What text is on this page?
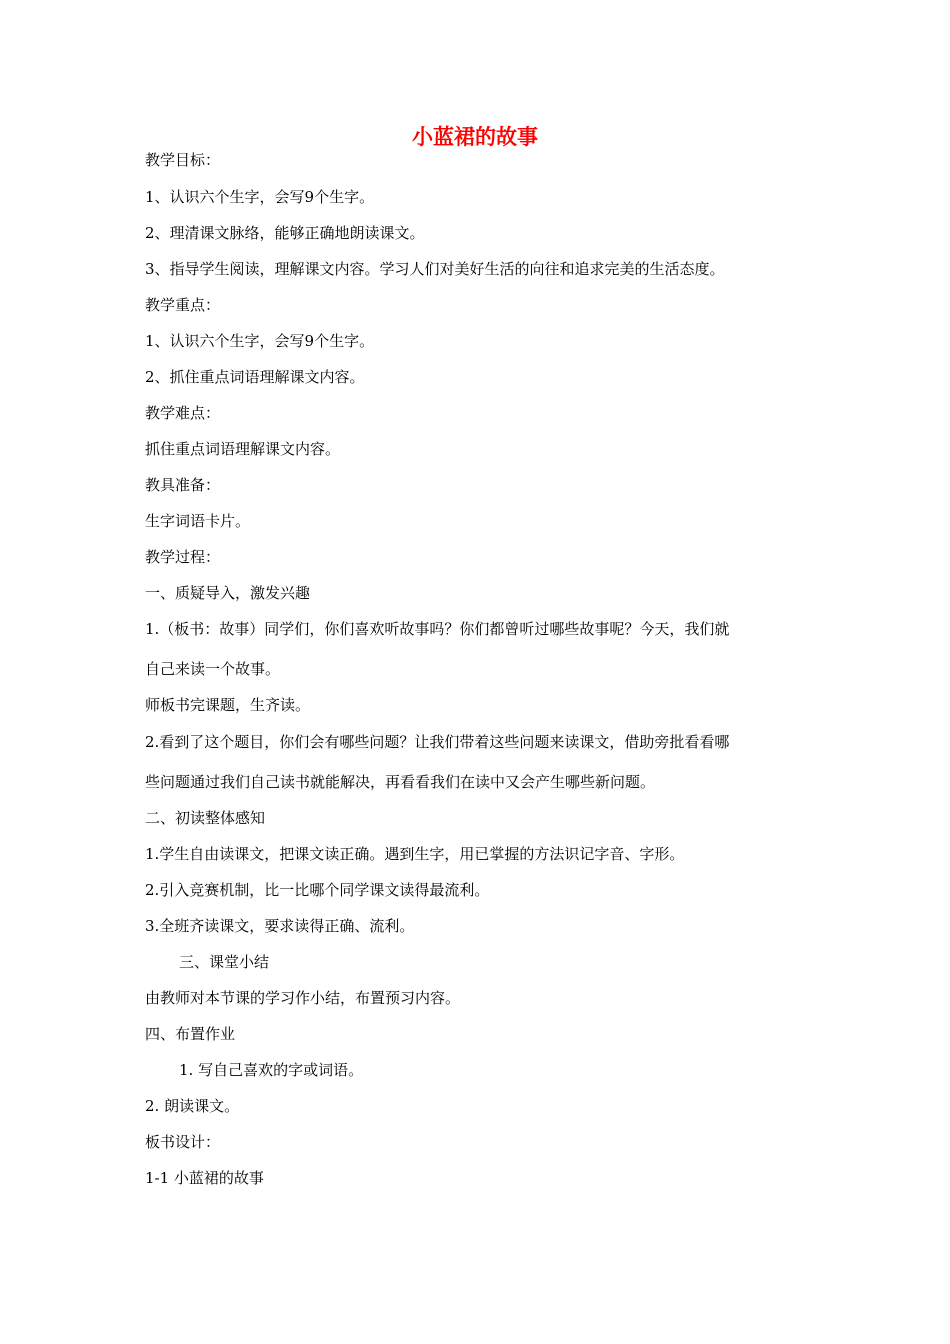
小蓝裙的故事
教学目标：
1、认识六个生字，会写9个生字。
2、理清课文脉络，能够正确地朗读课文。
3、指导学生阅读，理解课文内容。学习人们对美好生活的向往和追求完美的生活态度。
教学重点：
1、认识六个生字，会写9个生字。
2、抓住重点词语理解课文内容。
教学难点：
抓住重点词语理解课文内容。
教具准备：
生字词语卡片。
教学过程：
一、质疑导入，激发兴趣
1.（板书：故事）同学们，你们喜欢听故事吗？你们都曾听过哪些故事呢？今天，我们就
自己来读一个故事。
师板书完课题，生齐读。
2.看到了这个题目，你们会有哪些问题？让我们带着这些问题来读课文，借助旁批看看哪
些问题通过我们自己读书就能解决，再看看我们在读中又会产生哪些新问题。
二、初读整体感知
1.学生自由读课文，把课文读正确。遇到生字，用已掌握的方法识记字音、字形。
2.引入竞赛机制，比一比哪个同学课文读得最流利。
3.全班齐读课文，要求读得正确、流利。
三、课堂小结
由教师对本节课的学习作小结，布置预习内容。
四、布置作业
1. 写自己喜欢的字或词语。
2. 朗读课文。
板书设计：
1-1 小蓝裙的故事
